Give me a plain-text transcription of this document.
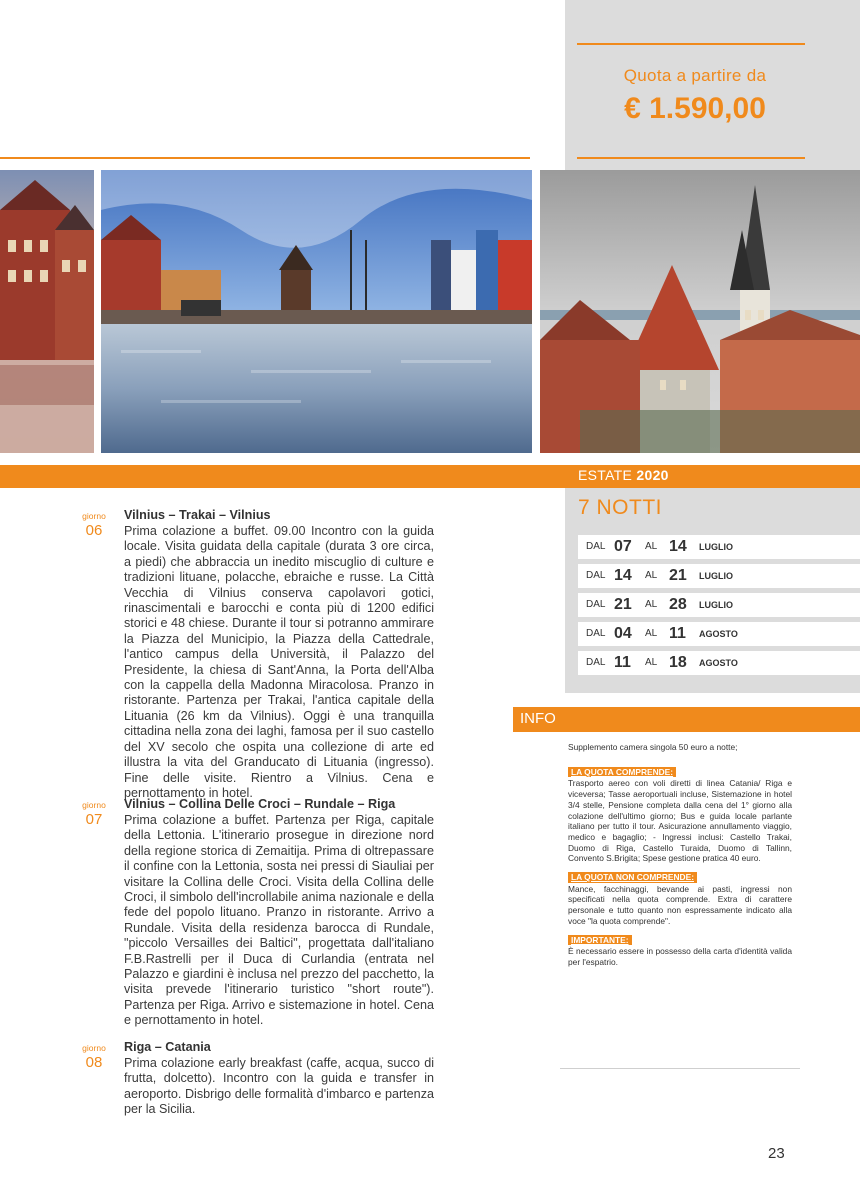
Quota a partire da
€ 1.590,00
ESTATE 2020
7 NOTTI
DAL 07 AL 14 LUGLIO
DAL 14 AL 21 LUGLIO
DAL 21 AL 28 LUGLIO
DAL 04 AL 11 AGOSTO
DAL 11 AL 18 AGOSTO
INFO

Supplemento camera singola 50 euro a notte;

LA QUOTA COMPRENDE:

Trasporto aereo con voli diretti di linea Catania/ Riga e viceversa; Tasse aeroportuali incluse, Sistemazione in hotel 3/4 stelle, Pensione completa dalla cena del 1° giorno alla colazione dell'ultimo giorno; Bus e guida locale parlante italiano per tutto il tour. Asicurazione annullamento viaggio, medico e bagaglio; - Ingressi inclusi: Castello Trakai, Duomo di Riga, Castello Turaida, Duomo di Tallinn, Convento S.Brigita; Spese gestione pratica 40 euro.

LA QUOTA NON COMPRENDE:

Mance, facchinaggi, bevande ai pasti, ingressi non specificati nella quota comprende. Extra di carattere personale e tutto quanto non espressamente indicato alla voce "la quota comprende".

IMPORTANTE:

È necessario essere in possesso della carta d'identità valida per l'espatrio.

giorno
06
Vilnius – Trakai – Vilnius
Prima colazione a buffet. 09.00 Incontro con la guida locale. Visita guidata della capitale (durata 3 ore circa, a piedi) che abbraccia un inedito miscuglio di culture e tradizioni lituane, polacche, ebraiche e russe. La Città Vecchia di Vilnius conserva capolavori gotici, rinascimentali e barocchi e conta più di 1200 edifici storici e 48 chiese. Durante il tour si potranno ammirare la Piazza del Municipio, la Piazza della Cattedrale, l'antico campus della Università, il Palazzo del Presidente, la chiesa di Sant'Anna, la Porta dell'Alba con la cappella della Madonna Miracolosa. Pranzo in ristorante. Partenza per Trakai, l'antica capitale della Lituania (26 km da Vilnius). Oggi è una tranquilla cittadina nella zona dei laghi, famosa per il suo castello del XV secolo che ospita una collezione di arte ed illustra la vita del Granducato di Lituania (ingresso). Fine delle visite. Rientro a Vilnius. Cena e pernottamento in hotel.
giorno
07
Vilnius – Collina Delle Croci – Rundale – Riga
Prima colazione a buffet. Partenza per Riga, capitale della Lettonia. L'itinerario prosegue in direzione nord della regione storica di Zemaitija. Prima di oltrepassare il confine con la Lettonia, sosta nei pressi di Siauliai per visitare la Collina delle Croci. Visita della Collina delle Croci, il simbolo dell'incrollabile anima nazionale e della fede del popolo lituano. Pranzo in ristorante. Arrivo a Rundale. Visita della residenza barocca di Rundale, "piccolo Versailles dei Baltici", progettata dall'italiano F.B.Rastrelli per il Duca di Curlandia (entrata nel Palazzo e giardini è inclusa nel prezzo del pacchetto, la visita prevede l'itinerario turistico "short route"). Partenza per Riga. Arrivo e sistemazione in hotel. Cena e pernottamento in hotel.
giorno
08
Riga – Catania
Prima colazione early breakfast (caffe, acqua, succo di frutta, dolcetto). Incontro con la guida e transfer in aeroporto. Disbrigo delle formalità d'imbarco e partenza per la Sicilia.
23
